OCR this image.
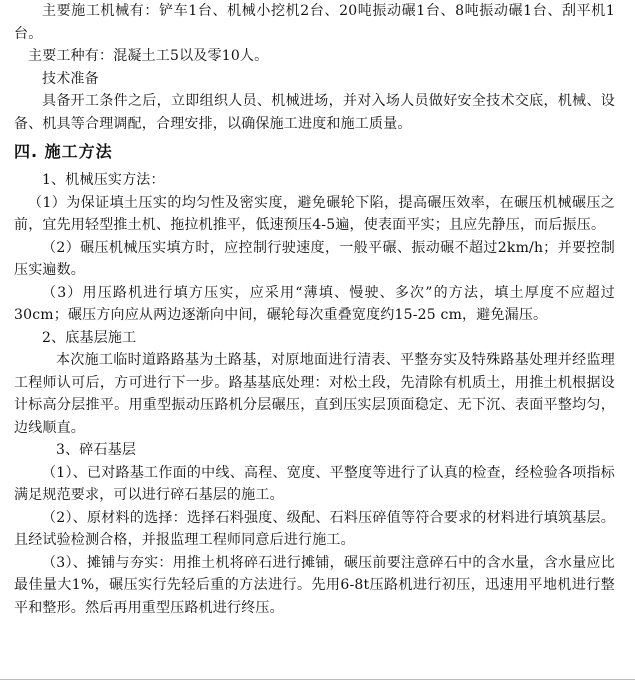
主要施工机械有：铲车1台、机械小挖机2台、20吨振动碾1台、8吨振动碾1台、刮平机1台。

主要工种有：混凝土工5以及零10人。

技术准备

具备开工条件之后，立即组织人员、机械进场，并对入场人员做好安全技术交底，机械、设备、机具等合理调配，合理安排，以确保施工进度和施工质量。

四. 施工方法

1、机械压实方法：

（1）为保证填土压实的均匀性及密实度，避免碾轮下陷，提高碾压效率，在碾压机械碾压之前，宜先用轻型推土机、拖拉机推平，低速预压4-5遍，使表面平实；且应先静压，而后振压。

（2）碾压机械压实填方时，应控制行驶速度，一般平碾、振动碾不超过2km/h；并要控制压实遍数。

（3）用压路机进行填方压实，应采用“薄填、慢驶、多次”的方法，填土厚度不应超过30cm；碾压方向应从两边逐渐向中间，碾轮每次重叠宽度约15-25 cm，避免漏压。

2、底基层施工

本次施工临时道路路基为土路基，对原地面进行清表、平整夯实及特殊路基处理并经监理工程师认可后，方可进行下一步。路基基底处理：对松土段，先清除有机质土，用推土机根据设计标高分层推平。用重型振动压路机分层碾压，直到压实层顶面稳定、无下沉、表面平整均匀，边线顺直。

3、碎石基层

（1）、已对路基工作面的中线、高程、宽度、平整度等进行了认真的检查，经检验各项指标满足规范要求，可以进行碎石基层的施工。

（2）、原材料的选择：选择石料强度、级配、石料压碎值等符合要求的材料进行填筑基层。且经试验检测合格，并报监理工程师同意后进行施工。

（3）、摊铺与夯实：用推土机将碎石进行摊铺，碾压前要注意碎石中的含水量，含水量应比最佳量大1%，碾压实行先轻后重的方法进行。先用6-8t压路机进行初压，迅速用平地机进行整平和整形。然后再用重型压路机进行终压。
